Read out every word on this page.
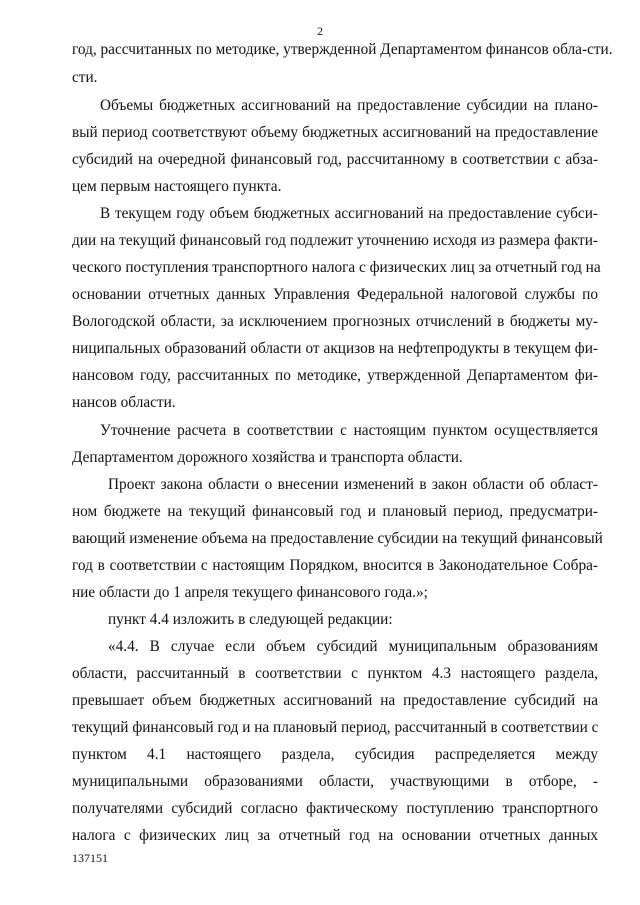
2
год, рассчитанных по методике, утвержденной Департаментом финансов обла-сти.
сти.
Объемы бюджетных ассигнований на предоставление субсидии на плано-
вый период соответствуют объему бюджетных ассигнований на предоставление
субсидий на очередной финансовый год, рассчитанному в соответствии с абза-
цем первым настоящего пункта.
В текущем году объем бюджетных ассигнований на предоставление субси-
дии на текущий финансовый год подлежит уточнению исходя из размера факти-
ческого поступления транспортного налога с физических лиц за отчетный год на
основании отчетных данных Управления Федеральной налоговой службы по
Вологодской области, за исключением прогнозных отчислений в бюджеты му-
ниципальных образований области от акцизов на нефтепродукты в текущем фи-
нансовом году, рассчитанных по методике, утвержденной Департаментом фи-
нансов области.
Уточнение расчета в соответствии с настоящим пунктом осуществляется
Департаментом дорожного хозяйства и транспорта области.
Проект закона области о внесении изменений в закон области об област-
ном бюджете на текущий финансовый год и плановый период, предусматри-
вающий изменение объема на предоставление субсидии на текущий финансовый
год в соответствии с настоящим Порядком, вносится в Законодательное Собра-
ние области до 1 апреля текущего финансового года.»;
пункт 4.4 изложить в следующей редакции:
«4.4. В случае если объем субсидий муниципальным образованиям
области, рассчитанный в соответствии с пунктом 4.3 настоящего раздела,
превышает объем бюджетных ассигнований на предоставление субсидий на
текущий финансовый год и на плановый период, рассчитанный в соответствии с
пунктом 4.1 настоящего раздела, субсидия распределяется между
муниципальными образованиями области, участвующими в отборе, -
получателями субсидий согласно фактическому поступлению транспортного
налога с физических лиц за отчетный год на основании отчетных данных
137151
